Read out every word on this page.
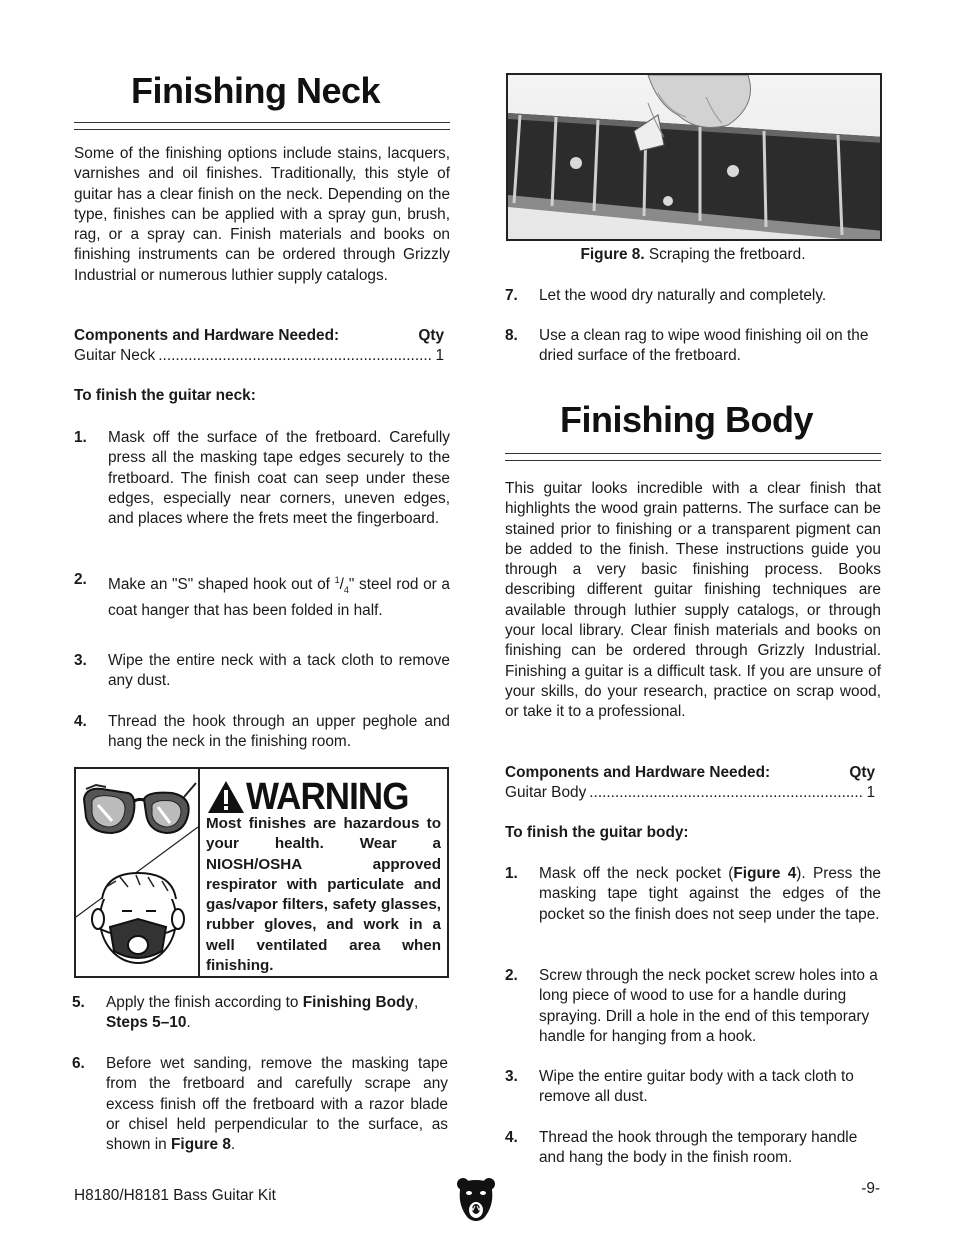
Finishing Neck

Some of the finishing options include stains, lacquers, varnishes and oil finishes. Traditionally, this style of guitar has a clear finish on the neck. Depending on the type, finishes can be applied with a spray gun, brush, rag, or a spray can. Finish materials and books on finishing instruments can be ordered through Grizzly Industrial or numerous luthier supply catalogs.

Components and Hardware Needed:	Qty
Guitar Neck .....	1
To finish the guitar neck:
1.	Mask off the surface of the fretboard. Carefully press all the masking tape edges securely to the fretboard. The finish coat can seep under these edges, especially near corners, uneven edges, and places where the frets meet the fingerboard.
2.	Make an "S" shaped hook out of $^1/_4$" steel rod or a coat hanger that has been folded in half.
3.	Wipe the entire neck with a tack cloth to remove any dust.
4.	Thread the hook through an upper peghole and hang the neck in the finishing room.
WARNING

Most finishes are hazardous to your health. Wear a NIOSH/OSHA approved respirator with particulate and gas/vapor filters, safety glasses, rubber gloves, and work in a well ventilated area when finishing.

5.	Apply the finish according to Finishing Body, Steps 5–10.
6.	Before wet sanding, remove the masking tape from the fretboard and carefully scrape any excess finish off the fretboard with a razor blade or chisel held perpendicular to the surface, as shown in Figure 8.
Figure 8. Scraping the fretboard.
7.	Let the wood dry naturally and completely.
8.	Use a clean rag to wipe wood finishing oil on the dried surface of the fretboard.
Finishing Body

This guitar looks incredible with a clear finish that highlights the wood grain patterns. The surface can be stained prior to finishing or a transparent pigment can be added to the finish. These instructions guide you through a very basic finishing process. Books describing different guitar finishing techniques are available through luthier supply catalogs, or through your local library. Clear finish materials and books on finishing can be ordered through Grizzly Industrial. Finishing a guitar is a difficult task. If you are unsure of your skills, do your research, practice on scrap wood, or take it to a professional.

Components and Hardware Needed:	Qty
Guitar Body .....	1
To finish the guitar body:
1.	Mask off the neck pocket (Figure 4). Press the masking tape tight against the edges of the pocket so the finish does not seep under the tape.
2.	Screw through the neck pocket screw holes into a long piece of wood to use for a handle during spraying. Drill a hole in the end of this temporary handle for hanging from a hook.
3.	Wipe the entire guitar body with a tack cloth to remove all dust.
4.	Thread the hook through the temporary handle and hang the body in the finish room.
H8180/H8181 Bass Guitar Kit	-9-
